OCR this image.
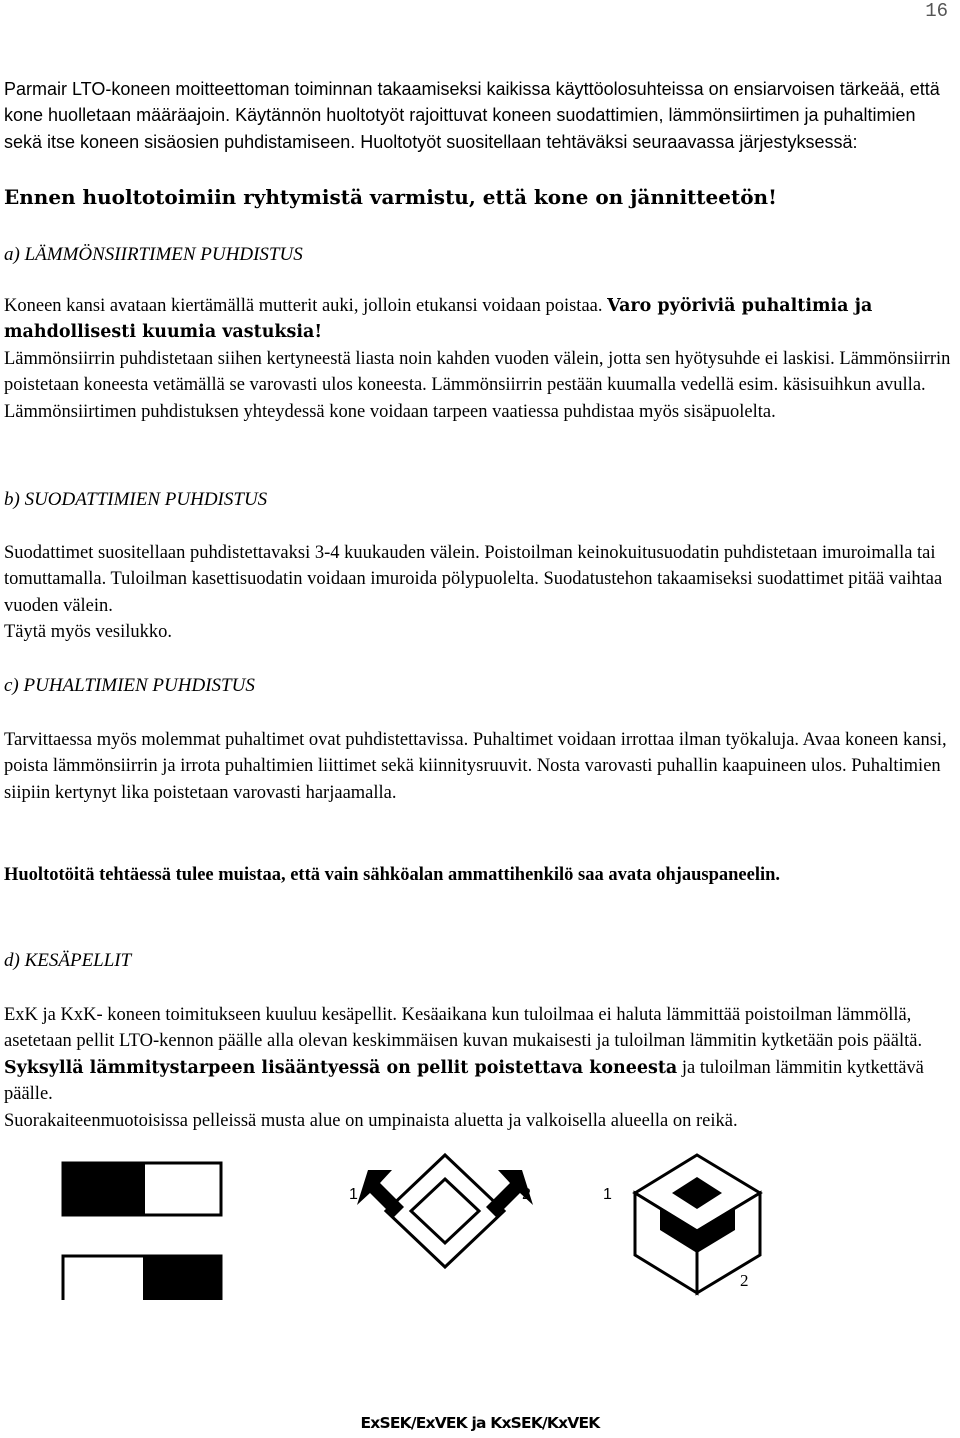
16
Parmair LTO-koneen moitteettoman toiminnan takaamiseksi kaikissa käyttöolosuhteissa on ensiarvoisen tärkeää, että kone huolletaan määräajoin. Käytännön huoltotyöt rajoittuvat koneen suodattimien, lämmönsiirtimen ja puhaltimien sekä itse koneen sisäosien puhdistamiseen. Huoltotyöt suositellaan tehtäväksi seuraavassa järjestyksessä:
Ennen huoltotoimiin ryhtymistä varmistu, että kone on jännitteetön!
a) LÄMMÖNSIIRTIMEN PUHDISTUS
Koneen kansi avataan kiertämällä mutterit auki, jolloin etukansi voidaan poistaa. Varo pyöriviä puhaltimia ja mahdollisesti kuumia vastuksia!
Lämmönsiirrin puhdistetaan siihen kertyneestä liasta noin kahden vuoden välein, jotta sen hyötysuhde ei laskisi. Lämmönsiirrin poistetaan koneesta vetämällä se varovasti ulos koneesta. Lämmönsiirrin pestään kuumalla vedellä esim. käsisuihkun avulla. Lämmönsiirtimen puhdistuksen yhteydessä kone voidaan tarpeen vaatiessa puhdistaa myös sisäpuolelta.
b) SUODATTIMIEN PUHDISTUS
Suodattimet suositellaan puhdistettavaksi 3-4 kuukauden välein. Poistoilman keinokuitusuodatin puhdistetaan imuroimalla tai tomuttamalla. Tuloilman kasettisuodatin voidaan imuroida pölypuolelta. Suodatustehon takaamiseksi suodattimet pitää vaihtaa vuoden välein.
Täytä myös vesilukko.
c) PUHALTIMIEN PUHDISTUS
Tarvittaessa myös molemmat puhaltimet ovat puhdistettavissa. Puhaltimet voidaan irrottaa ilman työkaluja. Avaa koneen kansi, poista lämmönsiirrin ja irrota puhaltimien liittimet sekä kiinnitysruuvit. Nosta varovasti puhallin kaapuineen ulos. Puhaltimien siipiin kertynyt lika poistetaan varovasti harjaamalla.
Huoltotöitä tehtäessä tulee muistaa, että vain sähköalan ammattihenkilö saa avata ohjauspaneelin.
d) KESÄPELLIT
ExK ja KxK- koneen toimitukseen kuuluu kesäpellit. Kesäaikana kun tuloilmaa ei haluta lämmittää poistoilman lämmöllä, asetetaan pellit LTO-kennon päälle alla olevan keskimmäisen kuvan mukaisesti ja tuloilman lämmitin kytketään pois päältä. Syksyllä lämmitystarpeen lisääntyessä on pellit poistettava koneesta ja tuloilman lämmitin kytkettävä päälle.
Suorakaiteenmuotoisissa pelleissä musta alue on umpinaista aluetta ja valkoisella alueella on reikä.
1	2	1
2
ExSEK/ExVEK ja KxSEK/KxVEK
